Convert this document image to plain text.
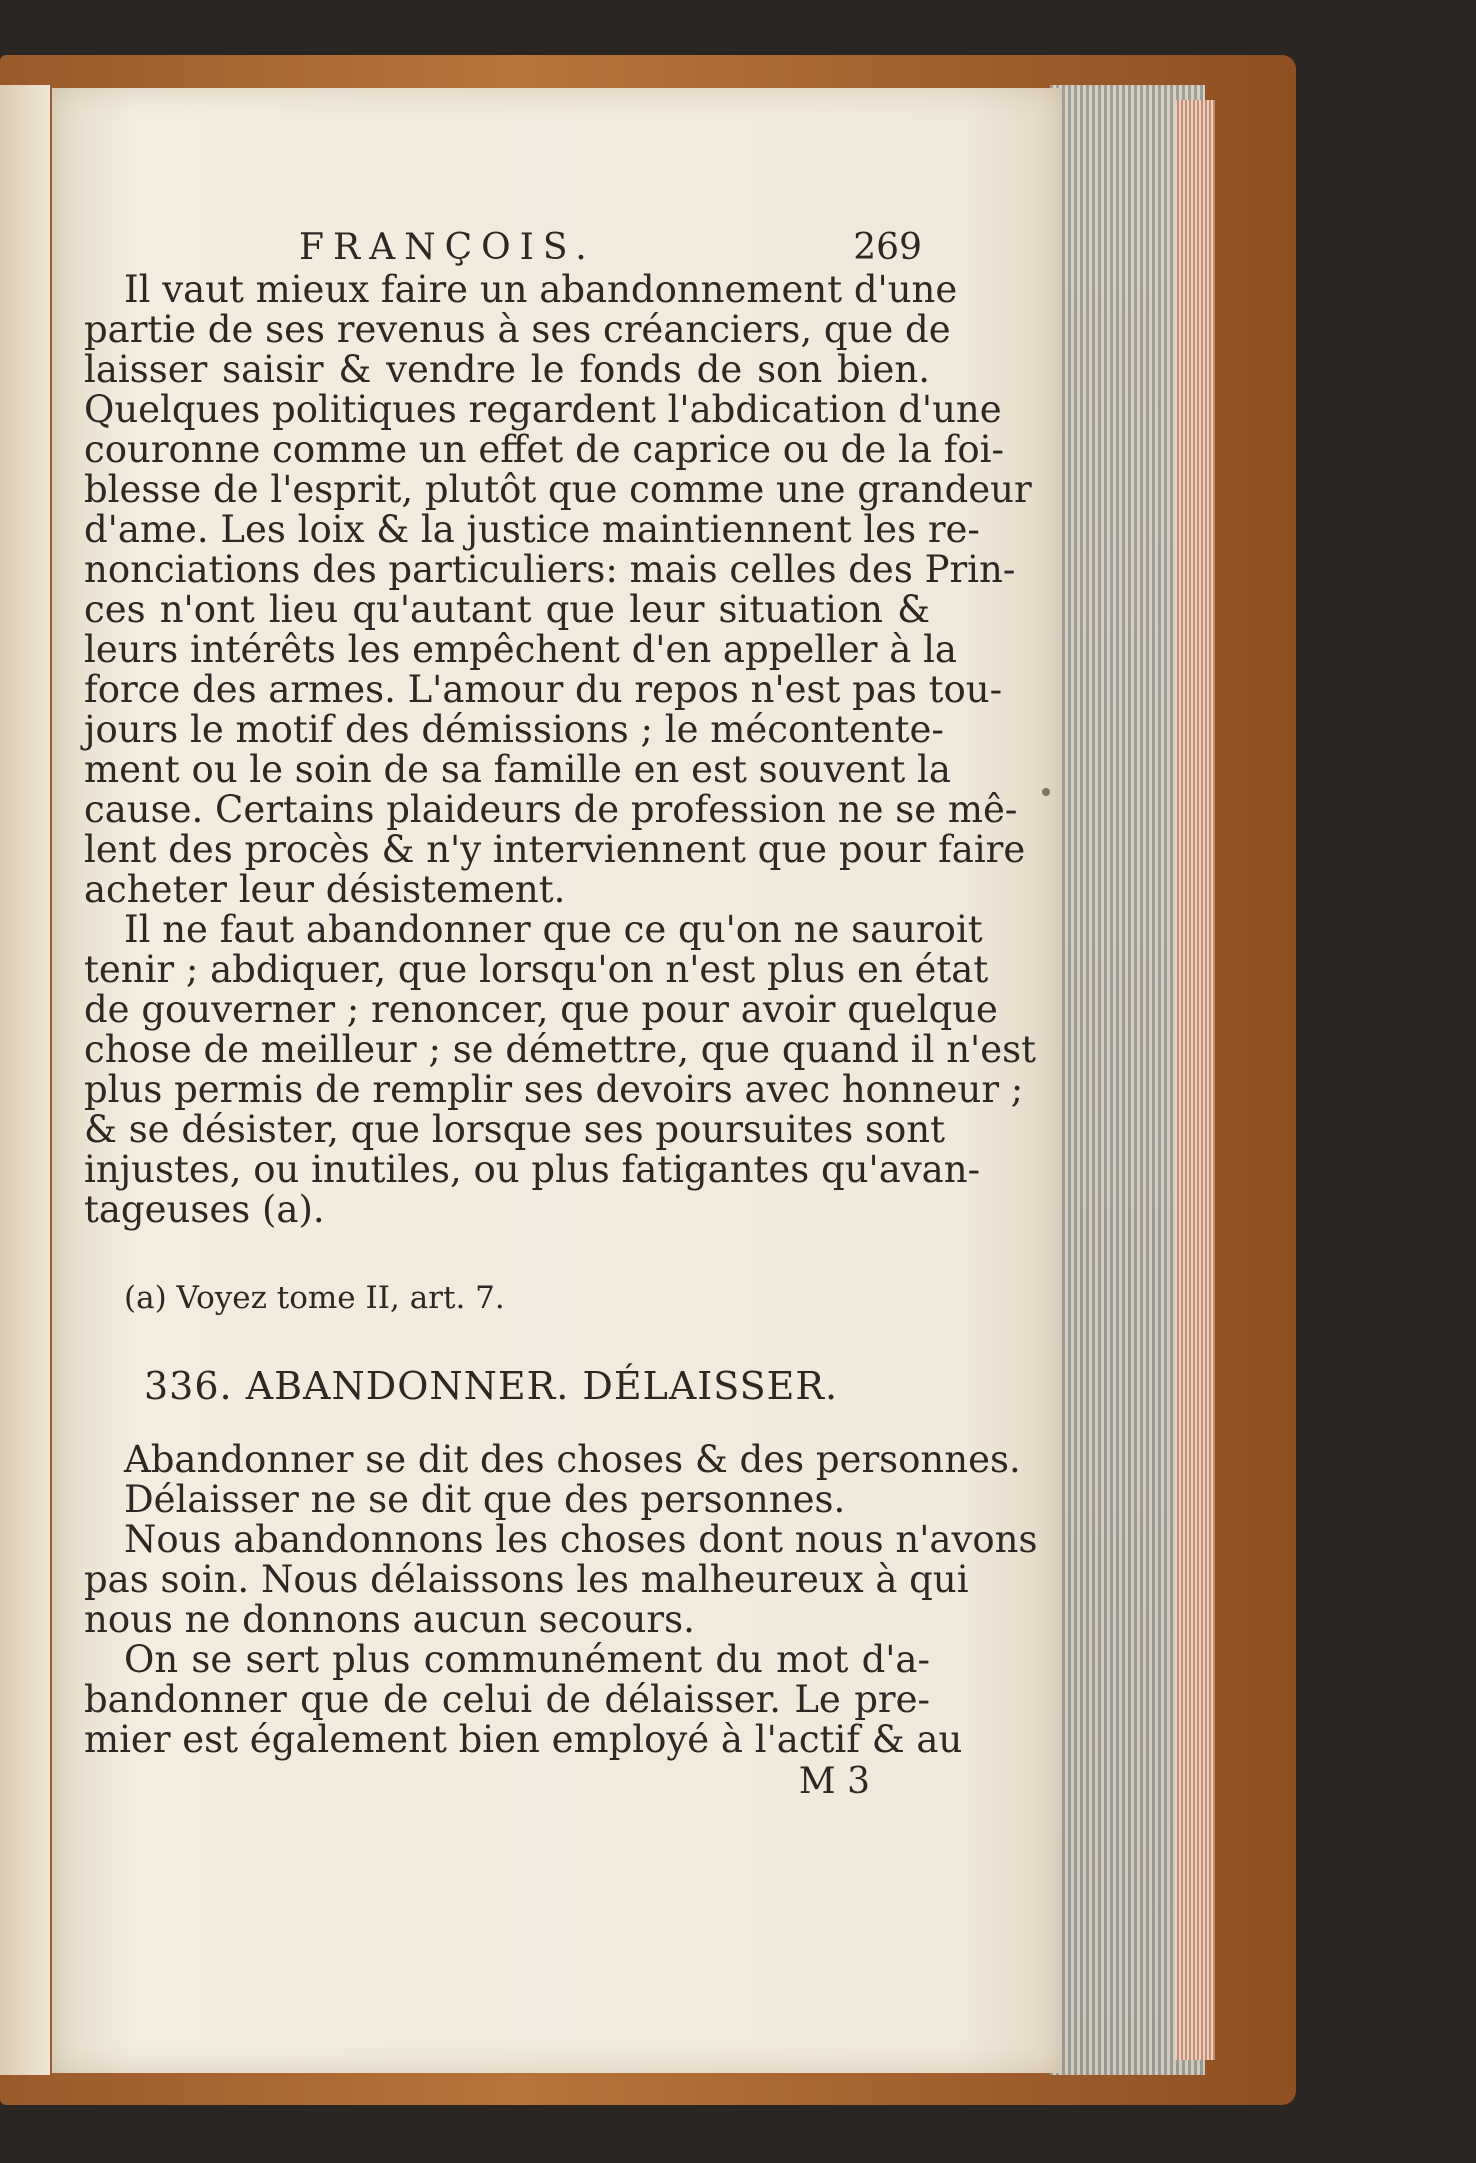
FRANÇOIS.	269
Il vaut mieux faire un abandonnement d'une
partie de ses revenus à ses créanciers, que de
laisser saisir & vendre le fonds de son bien.
Quelques politiques regardent l'abdication d'une
couronne comme un effet de caprice ou de la foi-
blesse de l'esprit, plutôt que comme une grandeur
d'ame. Les loix & la justice maintiennent les re-
nonciations des particuliers: mais celles des Prin-
ces n'ont lieu qu'autant que leur situation &
leurs intérêts les empêchent d'en appeller à la
force des armes. L'amour du repos n'est pas tou-
jours le motif des démissions ; le mécontente-
ment ou le soin de sa famille en est souvent la
cause. Certains plaideurs de profession ne se mê-
lent des procès & n'y interviennent que pour faire
acheter leur désistement.
Il ne faut abandonner que ce qu'on ne sauroit
tenir ; abdiquer, que lorsqu'on n'est plus en état
de gouverner ; renoncer, que pour avoir quelque
chose de meilleur ; se démettre, que quand il n'est
plus permis de remplir ses devoirs avec honneur ;
& se désister, que lorsque ses poursuites sont
injustes, ou inutiles, ou plus fatigantes qu'avan-
tageuses (a).
(a) Voyez tome II, art. 7.
336. ABANDONNER. DÉLAISSER.
Abandonner se dit des choses & des personnes.
Délaisser ne se dit que des personnes.
Nous abandonnons les choses dont nous n'avons
pas soin. Nous délaissons les malheureux à qui
nous ne donnons aucun secours.
On se sert plus communément du mot d'a-
bandonner que de celui de délaisser. Le pre-
mier est également bien employé à l'actif & au
M 3
